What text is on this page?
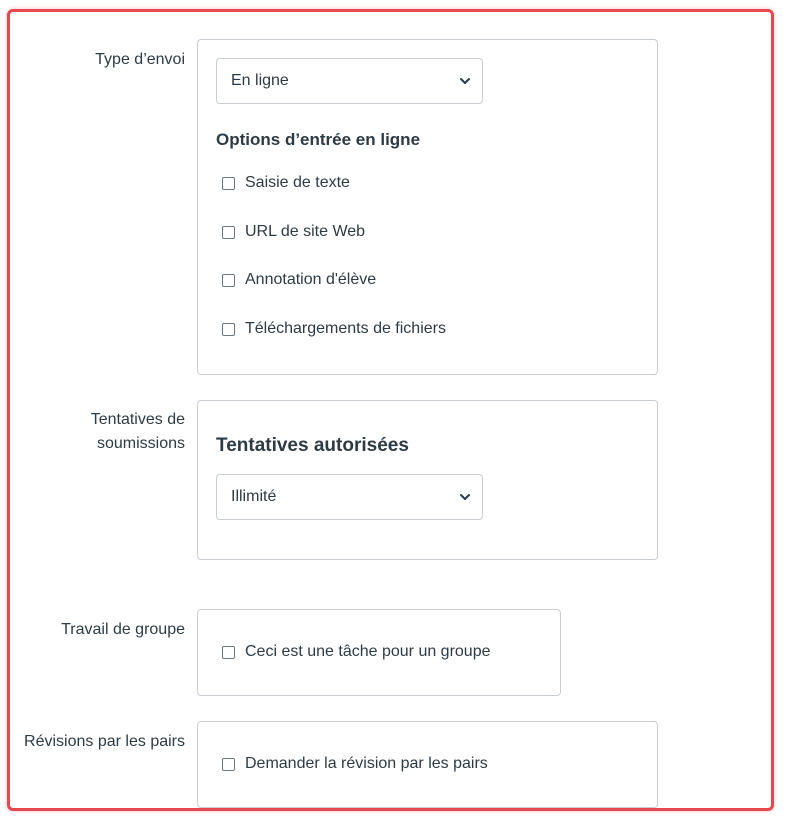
Type d’envoi
En ligne
Options d’entrée en ligne
Saisie de texte
URL de site Web
Annotation d'élève
Téléchargements de fichiers
Tentatives de
soumissions Tentatives autorisées
Illimité
Travail de groupe
Ceci est une tâche pour un groupe
Révisions par les pairs
Demander la révision par les pairs
